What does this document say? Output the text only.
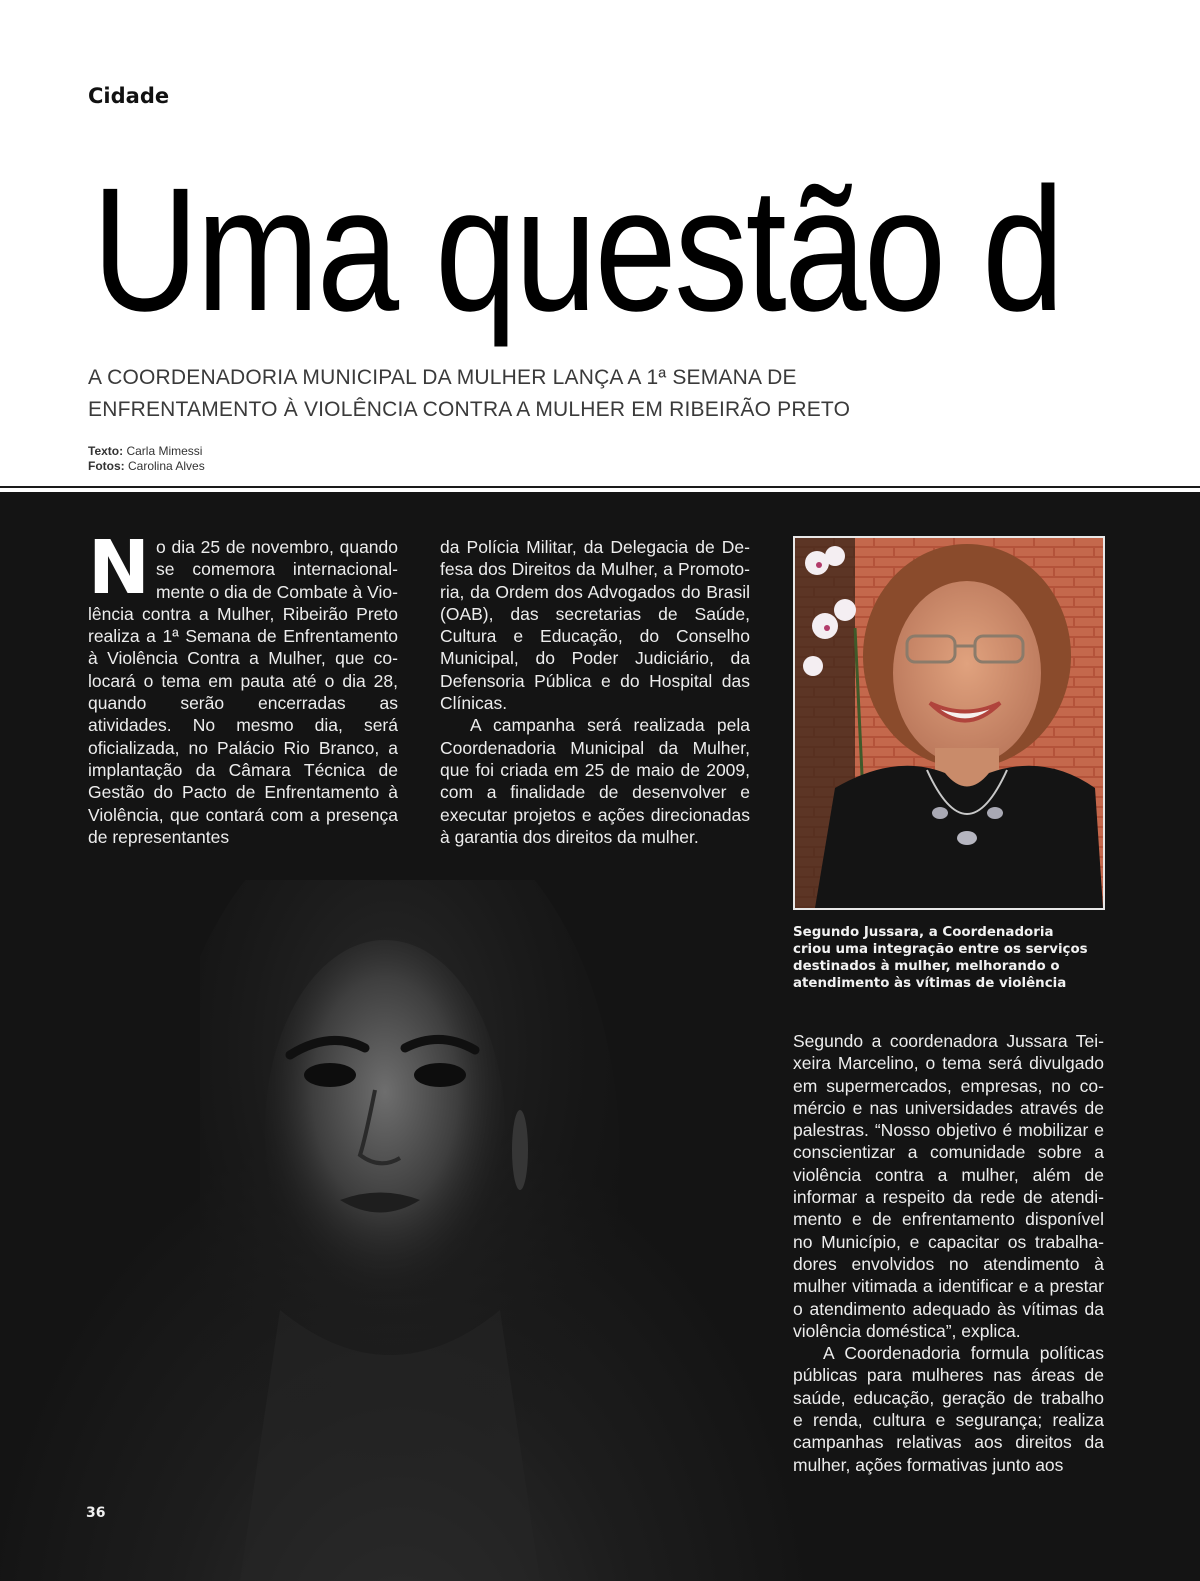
Cidade
Uma questão d
A COORDENADORIA MUNICIPAL DA MULHER LANÇA A 1ª SEMANA DE
ENFRENTAMENTO À VIOLÊNCIA CONTRA A MULHER EM RIBEIRÃO PRETO
Texto: Carla Mimessi
Fotos: Carolina Alves

No dia 25 de novembro, quando se comemora internacionalmente o dia de Combate à Violência contra a Mulher, Ribeirão Preto realiza a 1ª Semana de Enfrentamento à Violência Contra a Mulher, que colocará o tema em pauta até o dia 28, quando serão encerradas as atividades. No mesmo dia, será oficializada, no Palácio Rio Branco, a implantação da Câmara Técnica de Gestão do Pacto de Enfrentamento à Violência, que contará com a presença de representantes

da Polícia Militar, da Delegacia de Defesa dos Direitos da Mulher, a Promotoria, da Ordem dos Advogados do Brasil (OAB), das secretarias de Saúde, Cultura e Educação, do Conselho Municipal, do Poder Judiciário, da Defensoria Pública e do Hospital das Clínicas.

A campanha será realizada pela Coordenadoria Municipal da Mulher, que foi criada em 25 de maio de 2009, com a finalidade de desenvolver e executar projetos e ações direcionadas à garantia dos direitos da mulher.

Segundo Jussara, a Coordenadoria criou uma integração entre os serviços destinados à mulher, melhorando o atendimento às vítimas de violência

Segundo a coordenadora Jussara Teixeira Marcelino, o tema será divulgado em supermercados, empresas, no comércio e nas universidades através de palestras. “Nosso objetivo é mobilizar e conscientizar a comunidade sobre a violência contra a mulher, além de informar a respeito da rede de atendimento e de enfrentamento disponível no Município, e capacitar os trabalhadores envolvidos no atendimento à mulher vitimada a identificar e a prestar o atendimento adequado às vítimas da violência doméstica”, explica.

A Coordenadoria formula políticas públicas para mulheres nas áreas de saúde, educação, geração de trabalho e renda, cultura e segurança; realiza campanhas relativas aos direitos da mulher, ações formativas junto aos

36
